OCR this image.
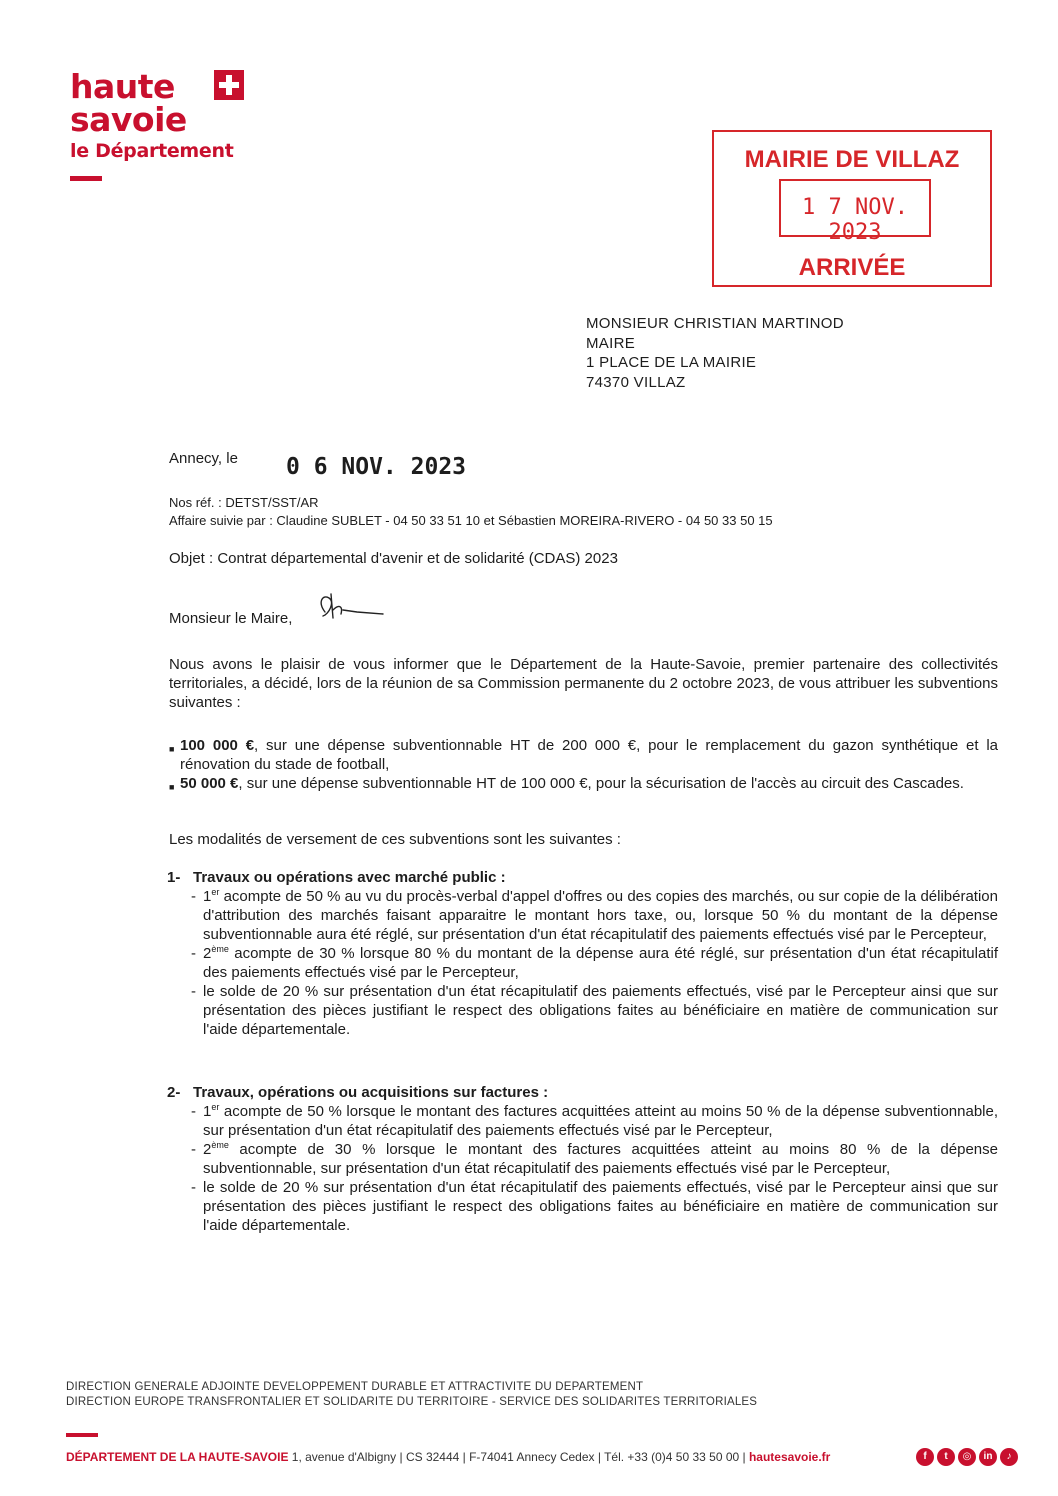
haute
savoie
le Département	MAIRIE DE VILLAZ
1 7 NOV. 2023
ARRIVÉE
MONSIEUR CHRISTIAN MARTINOD
MAIRE
1 PLACE DE LA MAIRIE
74370 VILLAZ
Annecy, le 0 6 NOV. 2023
Nos réf. : DETST/SST/AR
Affaire suivie par : Claudine SUBLET - 04 50 33 51 10 et Sébastien MOREIRA-RIVERO - 04 50 33 50 15
Objet : Contrat départemental d'avenir et de solidarité (CDAS) 2023
Monsieur le Maire,
Nous avons le plaisir de vous informer que le Département de la Haute-Savoie, premier partenaire des collectivités territoriales, a décidé, lors de la réunion de sa Commission permanente du 2 octobre 2023, de vous attribuer les subventions suivantes :
■ 100 000 €, sur une dépense subventionnable HT de 200 000 €, pour le remplacement du gazon synthétique et la rénovation du stade de football,
■ 50 000 €, sur une dépense subventionnable HT de 100 000 €, pour la sécurisation de l'accès au circuit des Cascades.
Les modalités de versement de ces subventions sont les suivantes :
1- Travaux ou opérations avec marché public :
- 1er acompte de 50 % au vu du procès-verbal d'appel d'offres ou des copies des marchés, ou sur copie de la délibération d'attribution des marchés faisant apparaitre le montant hors taxe, ou, lorsque 50 % du montant de la dépense subventionnable aura été réglé, sur présentation d'un état récapitulatif des paiements effectués visé par le Percepteur,
- 2ème acompte de 30 % lorsque 80 % du montant de la dépense aura été réglé, sur présentation d'un état récapitulatif des paiements effectués visé par le Percepteur,
- le solde de 20 % sur présentation d'un état récapitulatif des paiements effectués, visé par le Percepteur ainsi que sur présentation des pièces justifiant le respect des obligations faites au bénéficiaire en matière de communication sur l'aide départementale.
2- Travaux, opérations ou acquisitions sur factures :
- 1er acompte de 50 % lorsque le montant des factures acquittées atteint au moins 50 % de la dépense subventionnable, sur présentation d'un état récapitulatif des paiements effectués visé par le Percepteur,
- 2ème acompte de 30 % lorsque le montant des factures acquittées atteint au moins 80 % de la dépense subventionnable, sur présentation d'un état récapitulatif des paiements effectués visé par le Percepteur,
- le solde de 20 % sur présentation d'un état récapitulatif des paiements effectués, visé par le Percepteur ainsi que sur présentation des pièces justifiant le respect des obligations faites au bénéficiaire en matière de communication sur l'aide départementale.
DIRECTION GENERALE ADJOINTE DEVELOPPEMENT DURABLE ET ATTRACTIVITE DU DEPARTEMENT
DIRECTION EUROPE TRANSFRONTALIER ET SOLIDARITE DU TERRITOIRE - SERVICE DES SOLIDARITES TERRITORIALES
DÉPARTEMENT DE LA HAUTE-SAVOIE 1, avenue d'Albigny | CS 32444 | F-74041 Annecy Cedex | Tél. +33 (0)4 50 33 50 00 | hautesavoie.fr	f	t	◎	in	♪
